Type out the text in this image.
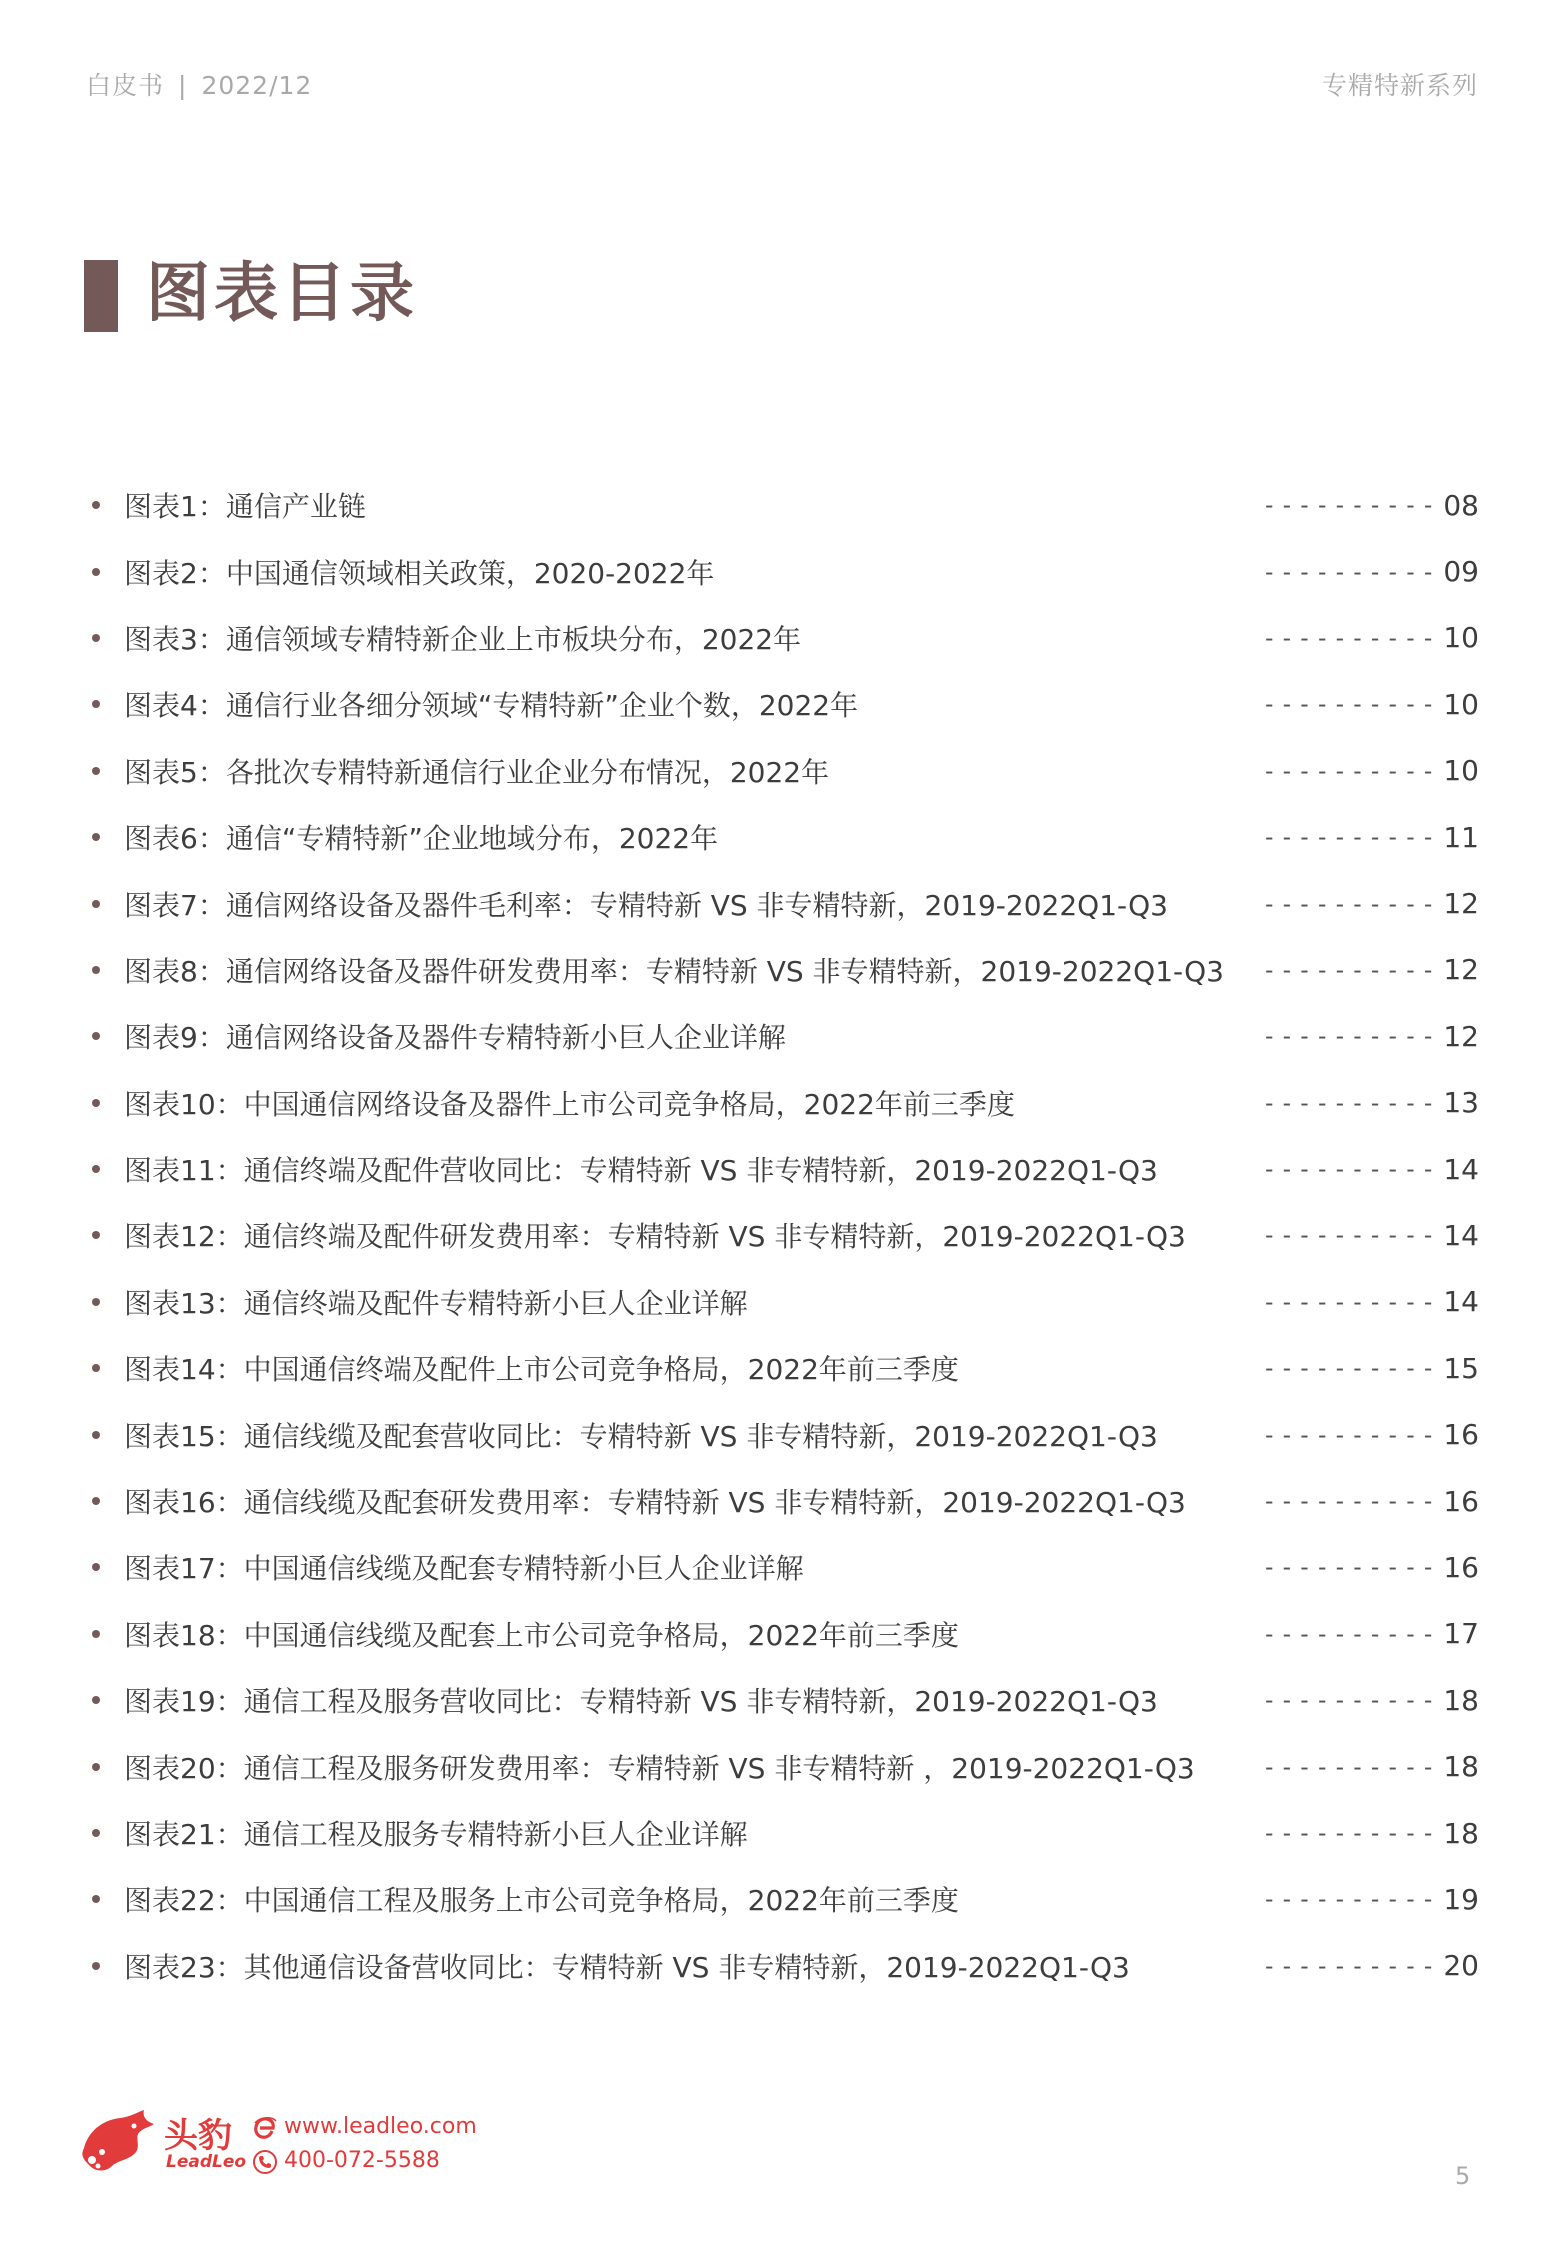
白皮书 | 2022/12	专精特新系列
图表目录
图表1：通信产业链	---------- 08
图表2：中国通信领域相关政策，2020-2022年	---------- 09
图表3：通信领域专精特新企业上市板块分布，2022年	---------- 10
图表4：通信行业各细分领域“专精特新”企业个数，2022年	---------- 10
图表5：各批次专精特新通信行业企业分布情况，2022年	---------- 10
图表6：通信“专精特新”企业地域分布，2022年	---------- 11
图表7：通信网络设备及器件毛利率：专精特新 VS 非专精特新，2019-2022Q1-Q3	---------- 12
图表8：通信网络设备及器件研发费用率：专精特新 VS 非专精特新，2019-2022Q1-Q3 ---------- 12
图表9：通信网络设备及器件专精特新小巨人企业详解	---------- 12
图表10：中国通信网络设备及器件上市公司竞争格局，2022年前三季度	---------- 13
图表11：通信终端及配件营收同比：专精特新 VS 非专精特新，2019-2022Q1-Q3	---------- 14
图表12：通信终端及配件研发费用率：专精特新 VS 非专精特新，2019-2022Q1-Q3	---------- 14
图表13：通信终端及配件专精特新小巨人企业详解	---------- 14
图表14：中国通信终端及配件上市公司竞争格局，2022年前三季度	---------- 15
图表15：通信线缆及配套营收同比：专精特新 VS 非专精特新，2019-2022Q1-Q3	---------- 16
图表16：通信线缆及配套研发费用率：专精特新 VS 非专精特新，2019-2022Q1-Q3	---------- 16
图表17：中国通信线缆及配套专精特新小巨人企业详解	---------- 16
图表18：中国通信线缆及配套上市公司竞争格局，2022年前三季度	---------- 17
图表19：通信工程及服务营收同比：专精特新 VS 非专精特新，2019-2022Q1-Q3	---------- 18
图表20：通信工程及服务研发费用率：专精特新 VS 非专精特新 ，2019-2022Q1-Q3	---------- 18
图表21：通信工程及服务专精特新小巨人企业详解	---------- 18
图表22：中国通信工程及服务上市公司竞争格局，2022年前三季度	---------- 19
图表23：其他通信设备营收同比：专精特新 VS 非专精特新，2019-2022Q1-Q3	---------- 20
头豹
LeadLeo
www.leadleo.com
400-072-5588
5
